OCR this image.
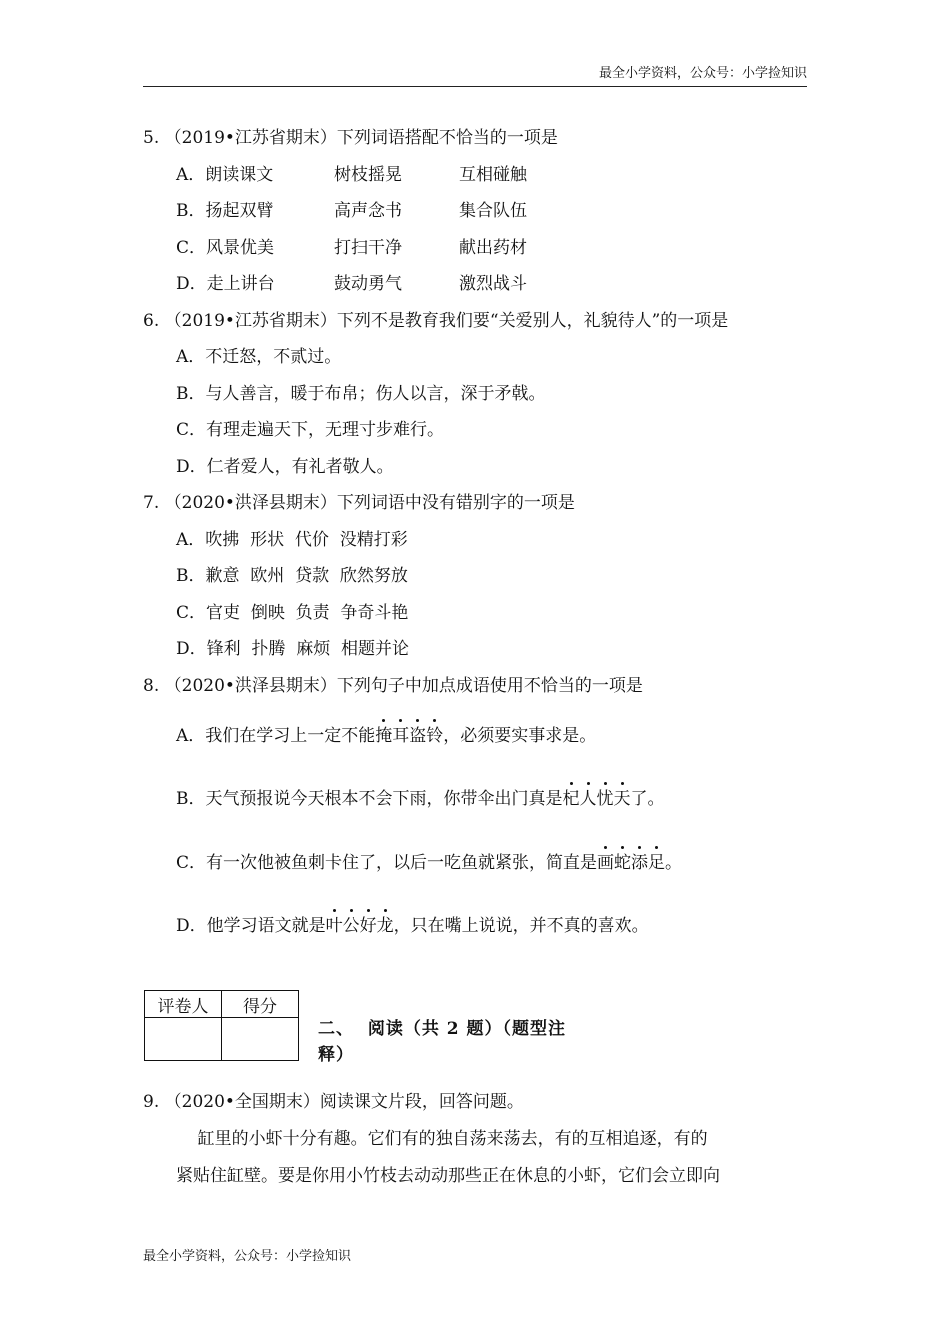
最全小学资料，公众号：小学捡知识
5. （2019•江苏省期末）下列词语搭配不恰当的一项是
A．朗读课文	树枝摇晃	互相碰触
B．扬起双臂	高声念书	集合队伍
C．风景优美	打扫干净	献出药材
D．走上讲台	鼓动勇气	激烈战斗
6. （2019•江苏省期末）下列不是教育我们要“关爱别人，礼貌待人”的一项是
A．不迁怒，不贰过。
B．与人善言，暖于布帛；伤人以言，深于矛戟。
C．有理走遍天下，无理寸步难行。
D．仁者爱人，有礼者敬人。
7. （2020•洪泽县期末）下列词语中没有错别字的一项是
A．吹拂  形状  代价  没精打彩
B．歉意  欧州  贷款  欣然努放
C．官吏  倒映  负责  争奇斗艳
D．锋利  扑腾  麻烦  相题并论
8. （2020•洪泽县期末）下列句子中加点成语使用不恰当的一项是
A．我们在学习上一定不能掩耳盗铃，必须要实事求是。
B．天气预报说今天根本不会下雨，你带伞出门真是杞人忧天了。
C．有一次他被鱼刺卡住了，以后一吃鱼就紧张，简直是画蛇添足。
D．他学习语文就是叶公好龙，只在嘴上说说，并不真的喜欢。
评卷人	得分

二、  阅读（共 2 题）（题型注
释）
9. （2020•全国期末）阅读课文片段，回答问题。
缸里的小虾十分有趣。它们有的独自荡来荡去，有的互相追逐，有的
紧贴住缸壁。要是你用小竹枝去动动那些正在休息的小虾，它们会立即向
最全小学资料，公众号：小学捡知识
